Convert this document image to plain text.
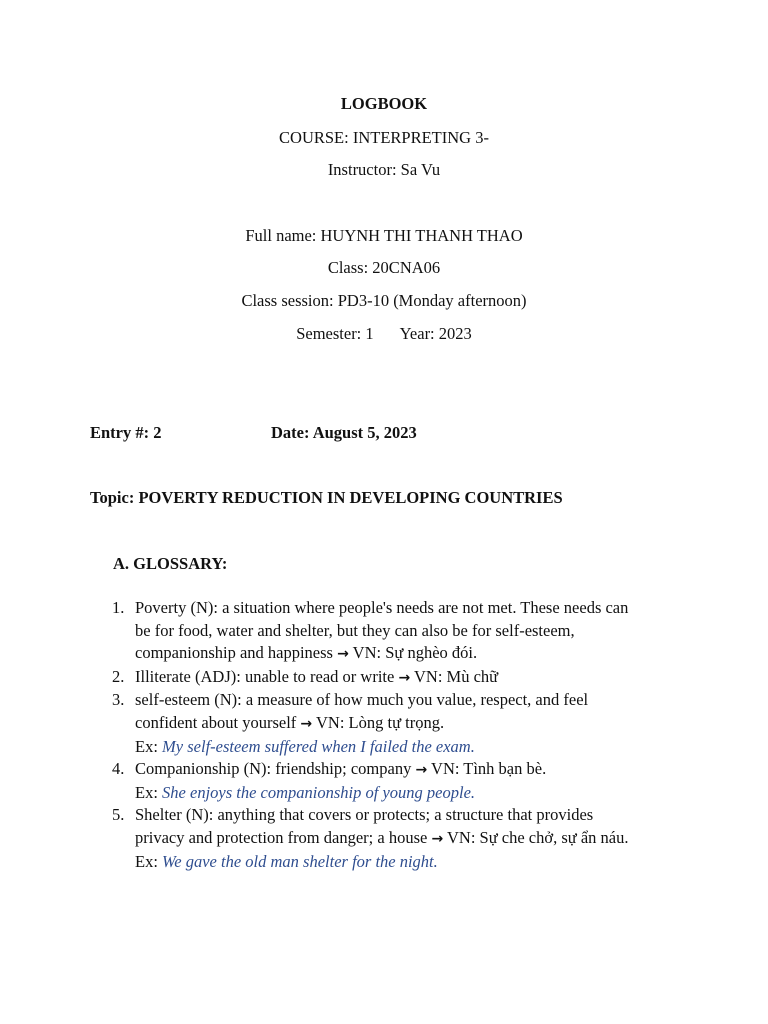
LOGBOOK
COURSE: INTERPRETING 3-
Instructor: Sa Vu
Full name: HUYNH THI THANH THAO
Class: 20CNA06
Class session: PD3-10 (Monday afternoon)
Semester: 1 Year: 2023
Entry #: 2	Date: August 5, 2023
Topic: POVERTY REDUCTION IN DEVELOPING COUNTRIES
A. GLOSSARY:
1. Poverty (N): a situation where people's needs are not met. These needs can
be for food, water and shelter, but they can also be for self-esteem,
companionship and happiness → VN: Sự nghèo đói.
2. Illiterate (ADJ): unable to read or write → VN: Mù chữ
3. self-esteem (N): a measure of how much you value, respect, and feel
confident about yourself → VN: Lòng tự trọng.
Ex: My self-esteem suffered when I failed the exam.
4. Companionship (N): friendship; company → VN: Tình bạn bè.
Ex: She enjoys the companionship of young people.
5. Shelter (N): anything that covers or protects; a structure that provides
privacy and protection from danger; a house → VN: Sự che chở, sự ẩn náu.
Ex: We gave the old man shelter for the night.
